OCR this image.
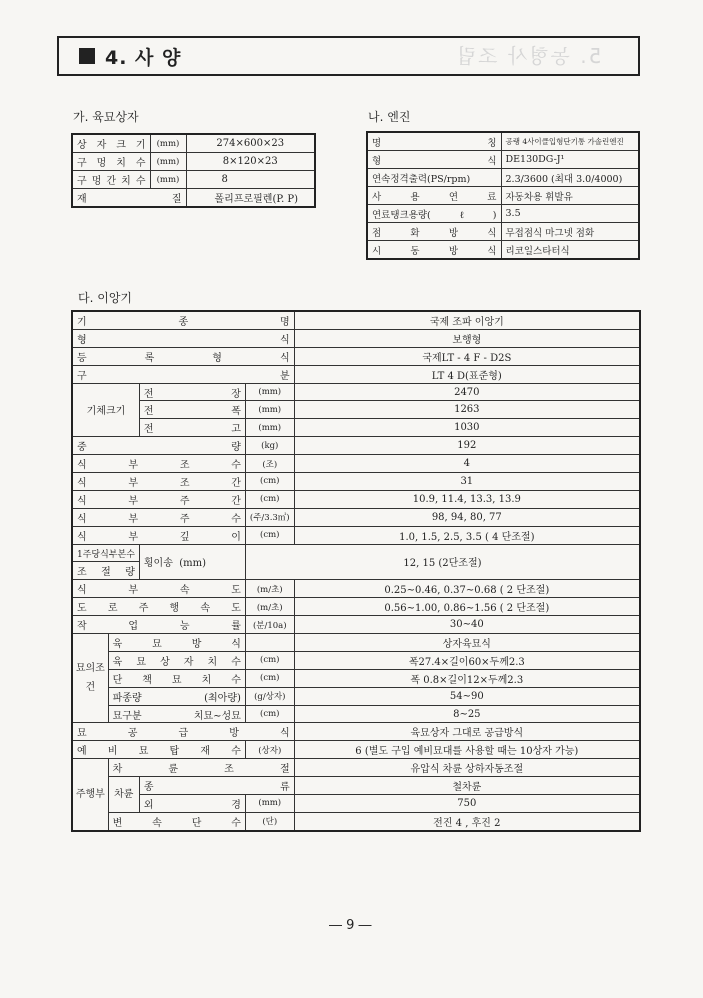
5. 농형사 조립
4. 사 양
가. 육묘상자
상 자 크 기	(mm)	274×600×23
구 멍 치 수	(mm)	8×120×23
구 멍 간 치 수	(mm)	8
재 질		폴리프로필렌(P. P)
나. 엔진
명 칭	공랭 4사이클입형단기통 가솔린엔진
형 식	DE130DG-J¹
연속정격출력(PS/rpm)	2.3/3600 (최대 3.0/4000)
사 용 연 료	자동차용 휘발유
연료탱크용량(ℓ)	3.5
점 화 방 식	무접점식 마그넷 점화
시 동 방 식	리코일스타터식
다. 이앙기
기 종 명				국제 조파 이앙기
형 식				보행형
등 록 형 식				국제LT - 4 F - D2S
구 분				LT 4 D(표준형)
기체크기		전 장	(mm)	2470
		전 폭	(mm)	1263
		전 고	(mm)	1030
중 량			(kg)	192
식 부 조 수			(조)	4
식 부 조 간			(cm)	31
식 부 주 간			(cm)	10.9, 11.4, 13.3, 13.9
식 부 주 수			(주/3.3㎡)	98, 94, 80, 77
식 부 깊 이			(cm)	1.0, 1.5, 2.5, 3.5 ( 4 단조절)
1주당식부본수		횡이송 (mm)	12, 15 (2단조절)	
조 절 량				
식 부 속 도			(m/초)	0.25∼0.46, 0.37∼0.68 ( 2 단조절)
도 로 주 행 속 도			(m/초)	0.56∼1.00, 0.86∼1.56 ( 2 단조절)
작 업 능 률			(분/10a)	30∼40
묘의조건	육 묘 방 식			상자육묘식
	육 묘 상 자 치 수		(cm)	폭27.4×길이60×두께2.3
	단 책 묘 치 수		(cm)	폭 0.8×길이12×두께2.3
	파종량 (최아량)		(g/상자)	54∼90
	묘구분 치묘∼성묘		(cm)	8∼25
묘 공 급 방 식				육묘상자 그대로 공급방식
예 비 묘 탑 재 수			(상자)	6 (별도 구입 예비묘대를 사용할 때는 10상자 가능)
주행부	차 륜 조 절			유압식 차륜 상하자동조절
	차륜	종 류		철차륜
		외 경	(mm)	750
	변 속 단 수		(단)	전진 4 , 후진 2
― 9 ―
